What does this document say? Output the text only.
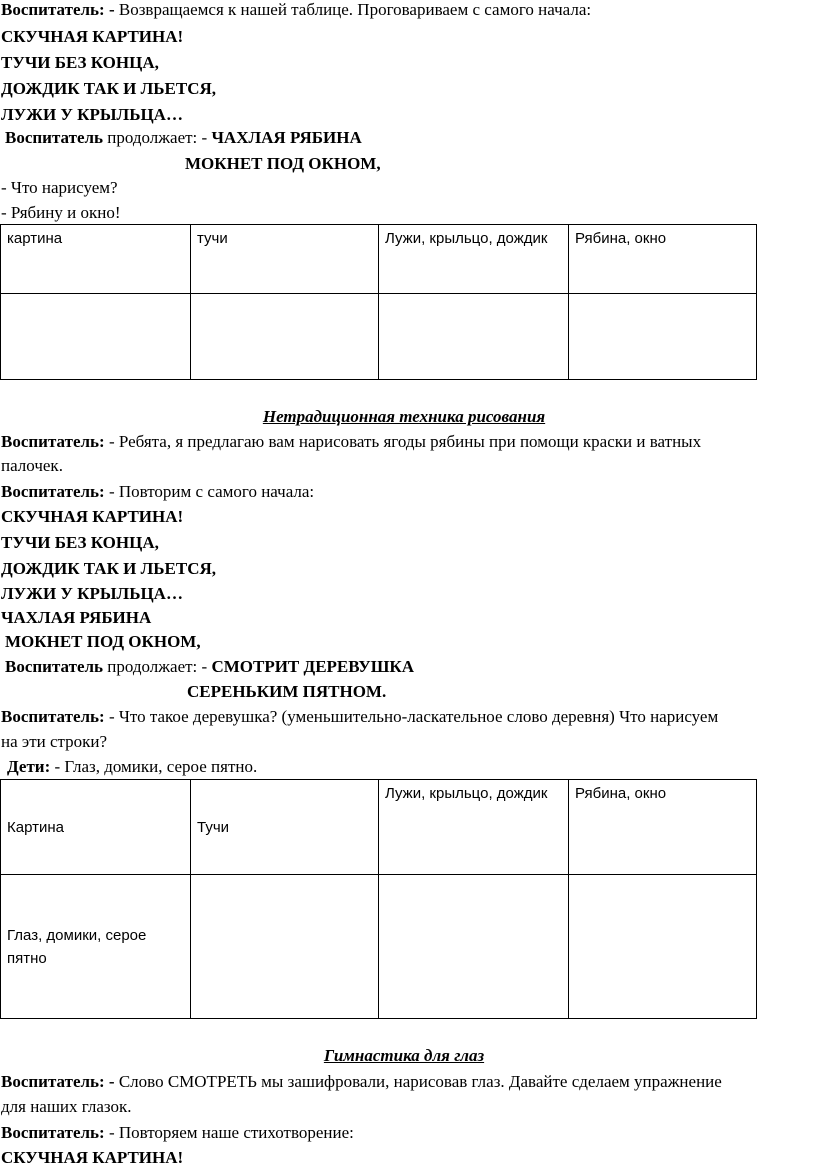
Воспитатель: - Возвращаемся к нашей таблице. Проговариваем с самого начала:
СКУЧНАЯ КАРТИНА!
ТУЧИ БЕЗ КОНЦА,
ДОЖДИК ТАК И ЛЬЕТСЯ,
ЛУЖИ У КРЫЛЬЦА…
Воспитатель продолжает: - ЧАХЛАЯ РЯБИНА
МОКНЕТ ПОД ОКНОМ,
- Что нарисуем?
- Рябину и окно!
картина	тучи	Лужи, крыльцо, дождик	Рябина, окно

Нетрадиционная техника рисования
Воспитатель: - Ребята, я предлагаю вам нарисовать ягоды рябины при помощи краски и ватных
палочек.
Воспитатель: - Повторим с самого начала:
СКУЧНАЯ КАРТИНА!
ТУЧИ БЕЗ КОНЦА,
ДОЖДИК ТАК И ЛЬЕТСЯ,
ЛУЖИ У КРЫЛЬЦА…
ЧАХЛАЯ РЯБИНА
МОКНЕТ ПОД ОКНОМ,
Воспитатель продолжает: - СМОТРИТ ДЕРЕВУШКА
СЕРЕНЬКИМ ПЯТНОМ.
Воспитатель: - Что такое деревушка? (уменьшительно-ласкательное слово деревня) Что нарисуем
на эти строки?
Дети: - Глаз, домики, серое пятно.
Картина	Тучи	Лужи, крыльцо, дождик	Рябина, окно
Глаз, домики, серое пятно			
Гимнастика для глаз
Воспитатель: - Слово СМОТРЕТЬ мы зашифровали, нарисовав глаз. Давайте сделаем упражнение
для наших глазок.
Воспитатель: - Повторяем наше стихотворение:
СКУЧНАЯ КАРТИНА!
